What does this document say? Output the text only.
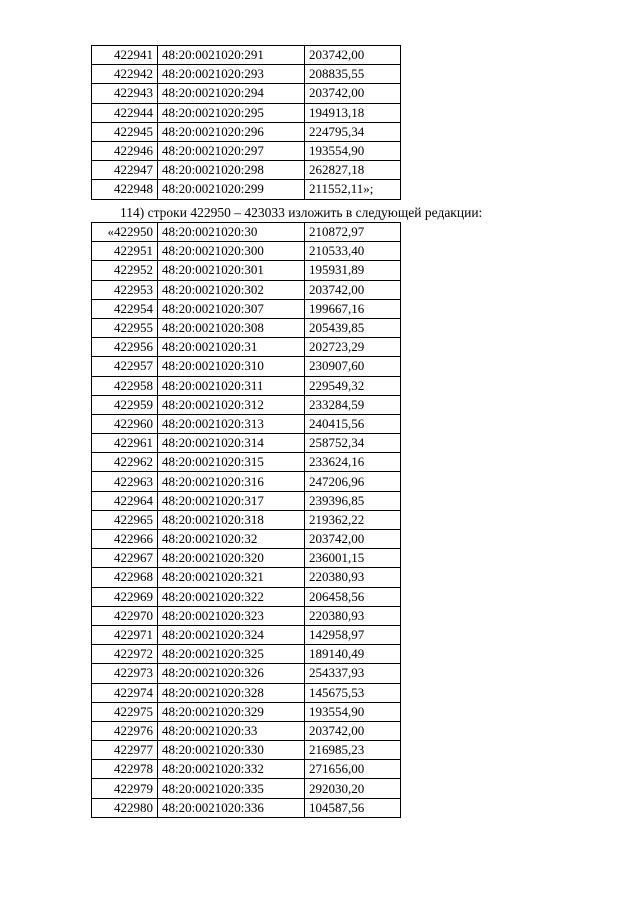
422941	48:20:0021020:291	203742,00
422942	48:20:0021020:293	208835,55
422943	48:20:0021020:294	203742,00
422944	48:20:0021020:295	194913,18
422945	48:20:0021020:296	224795,34
422946	48:20:0021020:297	193554,90
422947	48:20:0021020:298	262827,18
422948	48:20:0021020:299	211552,11»;
114) строки 422950 – 423033 изложить в следующей редакции:
«422950	48:20:0021020:30	210872,97
422951	48:20:0021020:300	210533,40
422952	48:20:0021020:301	195931,89
422953	48:20:0021020:302	203742,00
422954	48:20:0021020:307	199667,16
422955	48:20:0021020:308	205439,85
422956	48:20:0021020:31	202723,29
422957	48:20:0021020:310	230907,60
422958	48:20:0021020:311	229549,32
422959	48:20:0021020:312	233284,59
422960	48:20:0021020:313	240415,56
422961	48:20:0021020:314	258752,34
422962	48:20:0021020:315	233624,16
422963	48:20:0021020:316	247206,96
422964	48:20:0021020:317	239396,85
422965	48:20:0021020:318	219362,22
422966	48:20:0021020:32	203742,00
422967	48:20:0021020:320	236001,15
422968	48:20:0021020:321	220380,93
422969	48:20:0021020:322	206458,56
422970	48:20:0021020:323	220380,93
422971	48:20:0021020:324	142958,97
422972	48:20:0021020:325	189140,49
422973	48:20:0021020:326	254337,93
422974	48:20:0021020:328	145675,53
422975	48:20:0021020:329	193554,90
422976	48:20:0021020:33	203742,00
422977	48:20:0021020:330	216985,23
422978	48:20:0021020:332	271656,00
422979	48:20:0021020:335	292030,20
422980	48:20:0021020:336	104587,56
